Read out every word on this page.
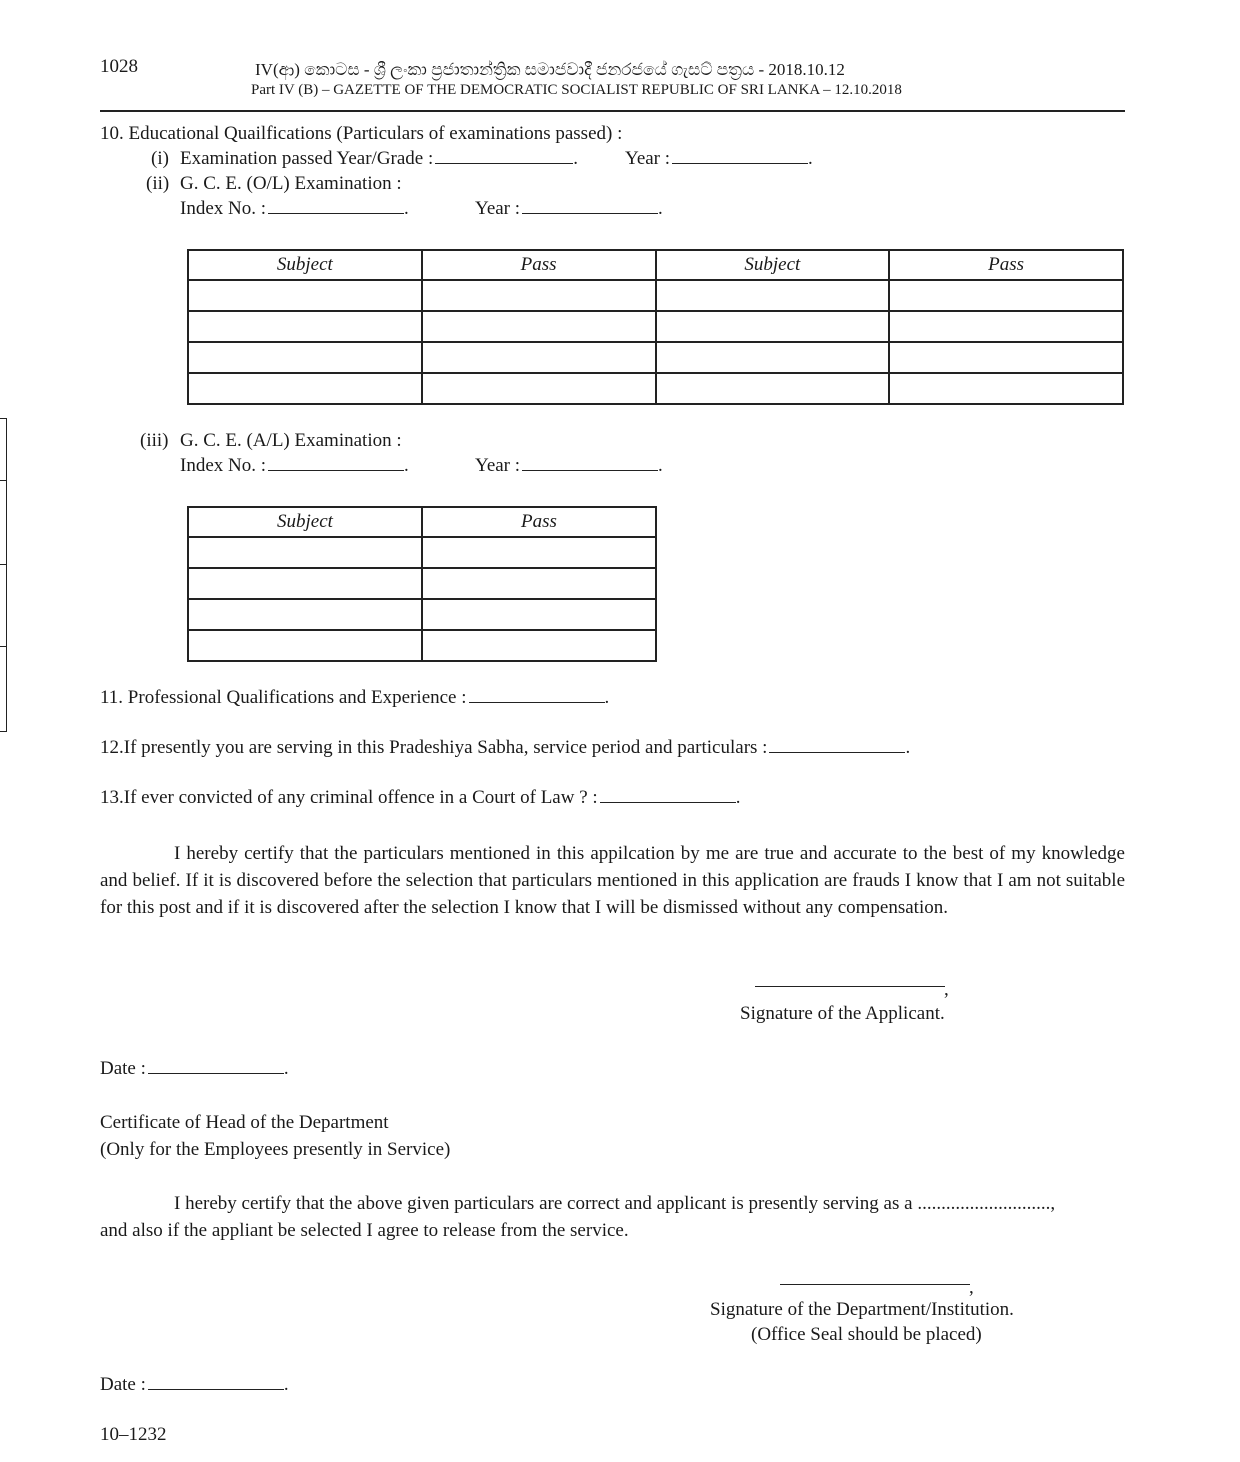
1028	IV(ආ) කොටස - ශ්‍රී ලංකා ප්‍රජාතාන්ත්‍රික සමාජවාදී ජනරජයේ ගැසට් පත්‍රය - 2018.10.12
Part IV (B) – GAZETTE OF THE DEMOCRATIC SOCIALIST REPUBLIC OF SRI LANKA – 12.10.2018
10. Educational Quailfications (Particulars of examinations passed) :
(i) Examination passed Year/Grade :	. Year :	.
(ii) G. C. E. (O/L) Examination :
Index No. :	.	Year :	.
Subject	Pass	Subject	Pass

(iii) G. C. E. (A/L) Examination :
Index No. :	.	Year :	.
Subject	Pass

11. Professional Qualifications and Experience :	.
12.If presently you are serving in this Pradeshiya Sabha, service period and particulars :	.
13.If ever convicted of any criminal offence in a Court of Law ? :	.
I hereby certify that the particulars mentioned in this appilcation by me are true and accurate to the best of my knowledge and belief. If it is discovered before the selection that particulars mentioned in this application are frauds I know that I am not suitable for this post and if it is discovered after the selection I know that I will be dismissed without any compensation.
,
Signature of the Applicant.
Date :	.
Certificate of Head of the Department
(Only for the Employees presently in Service)
I hereby certify that the above given particulars are correct and applicant is presently serving as a ............................,
and also if the appliant be selected I agree to release from the service.
,
Signature of the Department/Institution.
(Office Seal should be placed)
Date :	.
10–1232
